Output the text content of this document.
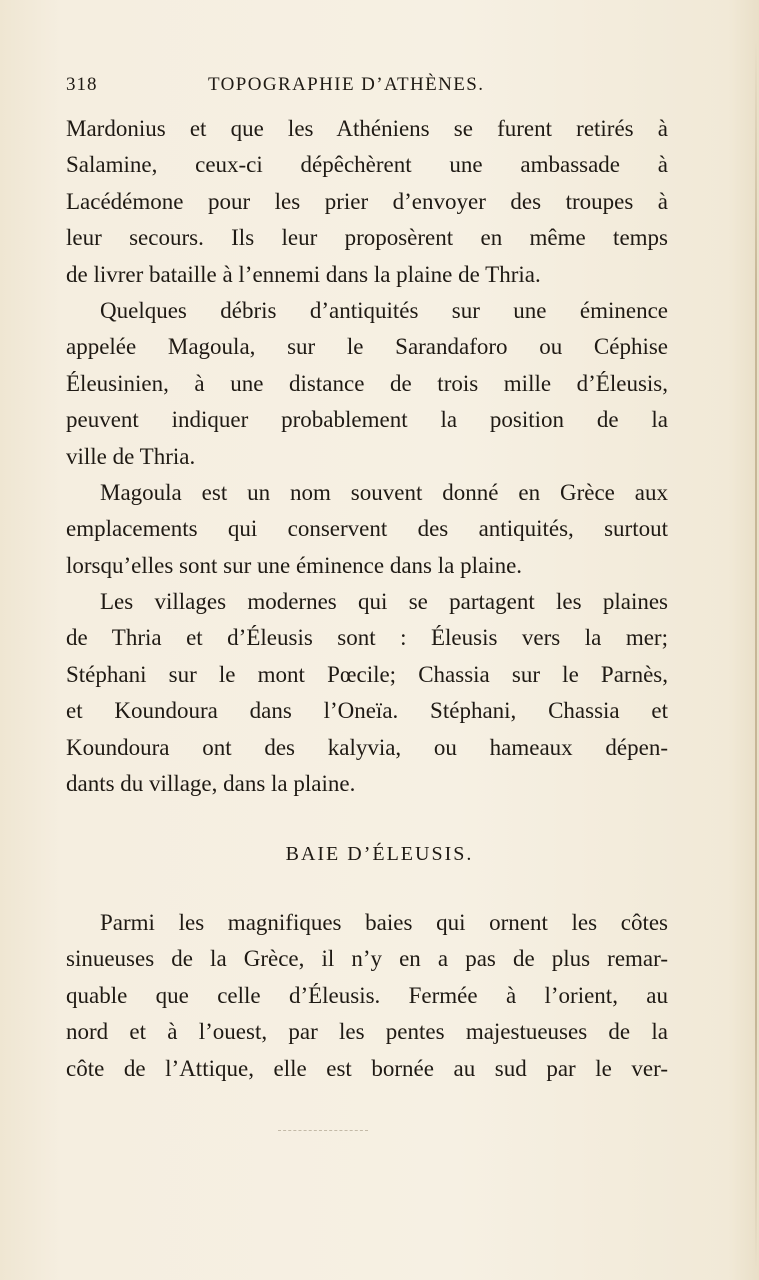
318	TOPOGRAPHIE D’ATHÈNES.
Mardonius et que les Athéniens se furent retirés à
Salamine, ceux-ci dépêchèrent une ambassade à
Lacédémone pour les prier d’envoyer des troupes à
leur secours. Ils leur proposèrent en même temps
de livrer bataille à l’ennemi dans la plaine de Thria.
Quelques débris d’antiquités sur une éminence
appelée Magoula, sur le Sarandaforo ou Céphise
Éleusinien, à une distance de trois mille d’Éleusis,
peuvent indiquer probablement la position de la
ville de Thria.
Magoula est un nom souvent donné en Grèce aux
emplacements qui conservent des antiquités, surtout
lorsqu’elles sont sur une éminence dans la plaine.
Les villages modernes qui se partagent les plaines
de Thria et d’Éleusis sont : Éleusis vers la mer;
Stéphani sur le mont Pœcile; Chassia sur le Parnès,
et Koundoura dans l’Oneïa. Stéphani, Chassia et
Koundoura ont des kalyvia, ou hameaux dépen-
dants du village, dans la plaine.
BAIE D’ÉLEUSIS.
Parmi les magnifiques baies qui ornent les côtes
sinueuses de la Grèce, il n’y en a pas de plus remar-
quable que celle d’Éleusis. Fermée à l’orient, au
nord et à l’ouest, par les pentes majestueuses de la
côte de l’Attique, elle est bornée au sud par le ver-
